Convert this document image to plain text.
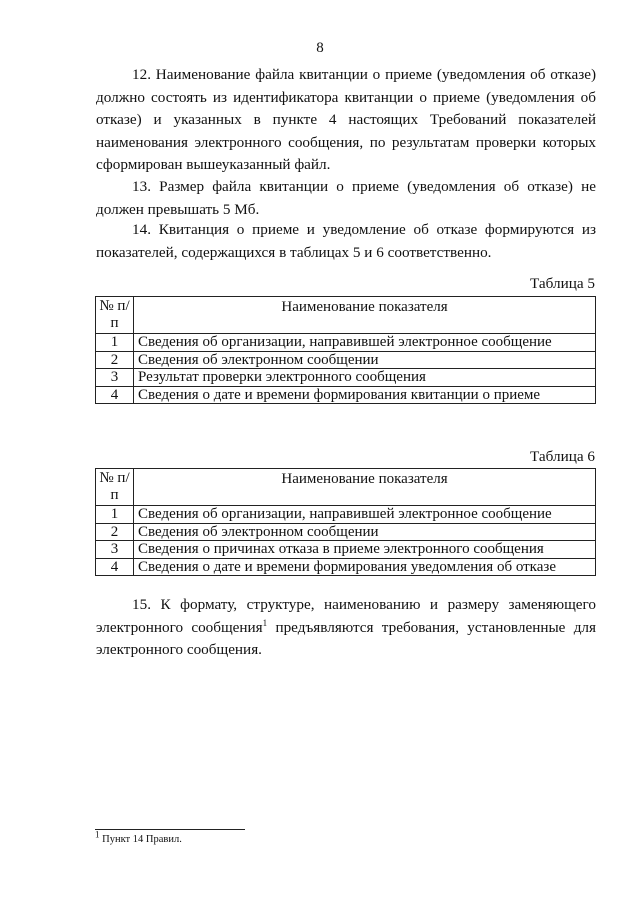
8

12. Наименование файла квитанции о приеме (уведомления об отказе) должно состоять из идентификатора квитанции о приеме (уведомления об отказе) и указанных в пункте 4 настоящих Требований показателей наименования электронного сообщения, по результатам проверки которых сформирован вышеуказанный файл.

13. Размер файла квитанции о приеме (уведомления об отказе) не должен превышать 5 Мб.

14. Квитанция о приеме и уведомление об отказе формируются из показателей, содержащихся в таблицах 5 и 6 соответственно.

Таблица 5
№ п/п	Наименование показателя
1	Сведения об организации, направившей электронное сообщение
2	Сведения об электронном сообщении
3	Результат проверки электронного сообщения
4	Сведения о дате и времени формирования квитанции о приеме
Таблица 6
№ п/п	Наименование показателя
1	Сведения об организации, направившей электронное сообщение
2	Сведения об электронном сообщении
3	Сведения о причинах отказа в приеме электронного сообщения
4	Сведения о дате и времени формирования уведомления об отказе

15. К формату, структуре, наименованию и размеру заменяющего электронного сообщения$^1$ предъявляются требования, установленные для электронного сообщения.

$^1$ Пункт 14 Правил.
